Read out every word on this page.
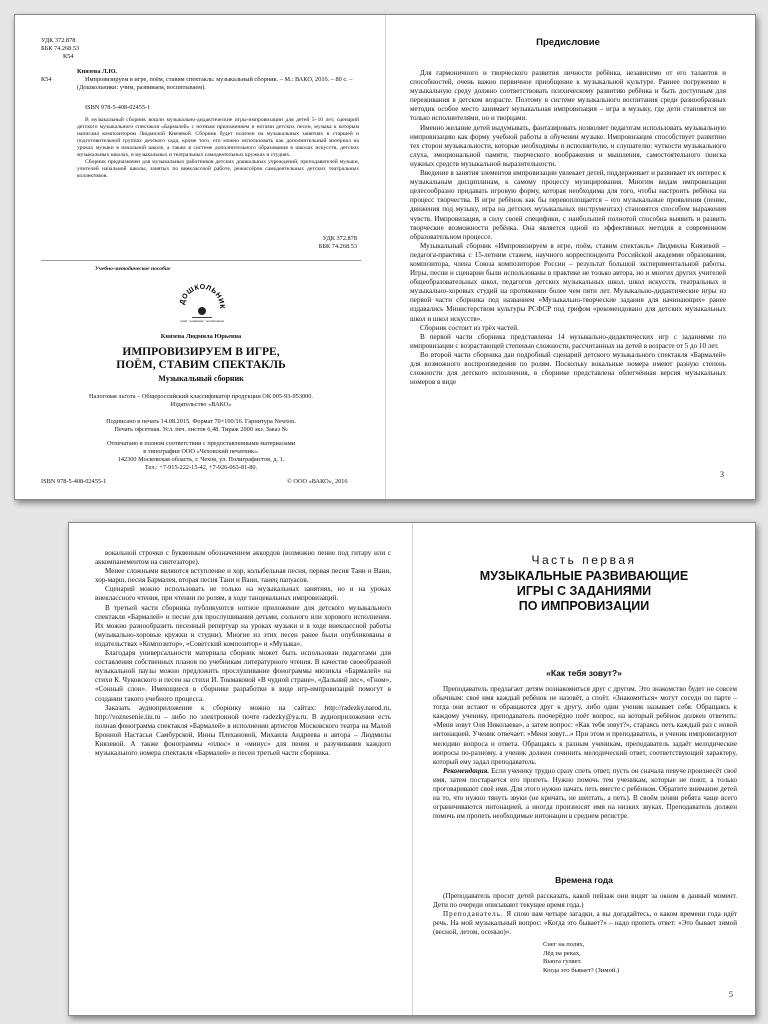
УДК 372.878
ББК 74.268.53
К54
Князева Л.Ю.
К54	Импровизируем в игре, поём, ставим спектакль: музыкальный сборник. – М.: ВАКО, 2016. – 80 с. – (Дошкольники: учим, развиваем, воспитываем).
ISBN 978-5-408-02455-1
В музыкальный сборник вошли музыкально-дидактические игры-импровизации для детей 5–10 лет, сценарий детского музыкального спектакля «Бармалей» с нотным приложением и нотами детских песен, музыка к которым написана композитором Людмилой Князевой. Сборник будет полезен на музыкальных занятиях в старшей и подготовительной группах детского сада, кроме того, его можно использовать как дополнительный материал на уроках музыки в начальной школе, а также в системе дополнительного образования в школах искусств, детских музыкальных школах, в музыкальных и театральных самодеятельных кружках и студиях.
Сборник предназначен для музыкальных работников детских дошкольных учреждений, преподавателей музыки, учителей начальной школы, занятых по внеклассной работе, режиссёров самодеятельных детских театральных коллективов.
УДК 372.878
ББК 74.268.53
Учебно-методическое пособие
ДОШКОЛЬНИК
учим · развиваем · воспитываем
Князева Людмила Юрьевна
ИМПРОВИЗИРУЕМ В ИГРЕ,
ПОЁМ, СТАВИМ СПЕКТАКЛЬ
Музыкальный сборник
Налоговая льгота – Общероссийский классификатор продукции ОК 005-93-953000.
Издательство «ВАКО»
Подписано в печать 14.08.2015. Формат 70×100/16. Гарнитура Newton.
Печать офсетная. Усл. печ. листов 6,48. Тираж 2000 экз. Заказ №
Отпечатано в полном соответствии с предоставленными материалами
в типографии ООО «Чеховский печатник».
142300 Московская область, г. Чехов, ул. Полиграфистов, д. 1.
Тел.: +7-915-222-15-42, +7-926-063-81-80.
ISBN 978-5-408-02455-1	© ООО «ВАКО», 2016
Предисловие

Для гармоничного и творческого развития личности ребёнка, независимо от его талантов и способностей, очень важно первичное приобщение к музыкальной культуре. Раннее погружение в музыкальную среду должно соответствовать психическому развитию ребёнка и быть доступным для переживания в детском возрасте. Поэтому в системе музыкального воспитания среди разнообразных методик особое место занимает музыкальная импровизация – игра в музыку, где дети становятся не только исполнителями, но и творцами.

Именно желание детей выдумывать, фантазировать позволяет педагогам использовать музыкальную импровизацию как форму учебной работы в обучении музыке. Импровизация способствует развитию тех сторон музыкальности, которые необходимы и исполнителю, и слушателю: чуткости музыкального слуха, эмоциональной памяти, творческого воображения и мышления, самостоятельного поиска нужных средств музыкальной выразительности.

Введение в занятия элементов импровизации увлекает детей, поддерживает и развивает их интерес к музыкальным дисциплинам, к самому процессу музицирования. Многим видам импровизации целесообразно придавать игровую форму, которая необходима для того, чтобы настроить ребёнка на процесс творчества. В игре ребёнок как бы перевоплощается – его музыкальные проявления (пение, движения под музыку, игра на детских музыкальных инструментах) становятся способом выражения чувств. Импровизация, в силу своей специфики, с наибольшей полнотой способна выявить и развить творческие возможности ребёнка. Она является одной из эффективных методик в современном образовательном процессе.

Музыкальный сборник «Импровизируем в игре, поём, ставим спектакль» Людмилы Князевой – педагога-практика с 15-летним стажем, научного корреспондента Российской академии образования, композитора, члена Союза композиторов России – результат большой экспериментальной работы. Игры, песни и сценарии были использованы в практике не только автора, но и многих других учителей общеобразовательных школ, педагогов детских музыкальных школ, школ искусств, театральных и музыкально-хоровых студий на протяжении более чем пяти лет. Музыкально-дидактические игры из первой части сборника под названием «Музыкально-творческие задания для начинающих» ранее издавались Министерством культуры РСФСР под грифом «рекомендовано для детских музыкальных школ и школ искусств».

Сборник состоит из трёх частей.

В первой части сборника представлены 14 музыкально-дидактических игр с заданиями по импровизации с возрастающей степенью сложности, рассчитанных на детей в возрасте от 5 до 10 лет.

Во второй части сборника дан подробный сценарий детского музыкального спектакля «Бармалей» для возможного воспроизведения по ролям. Поскольку вокальные номера имеют разную степень сложности для детского исполнения, в сборнике представлена облегчённая версия музыкальных номеров в виде

3

вокальной строчки с буквенным обозначением аккордов (возможно пение под гитару или с аккомпанементом на синтезаторе).

Менее сложными являются вступление и хор, колыбельная песня, первая песня Тани и Вани, хор-марш, песня Бармалея, вторая песня Тани и Вани, танец папуасов.

Сценарий можно использовать не только на музыкальных занятиях, но и на уроках внеклассного чтения, при чтении по ролям, в ходе танцевальных импровизаций.

В третьей части сборника публикуются нотное приложение для детского музыкального спектакля «Бармалей» и песни для прослушивания детьми, сольного или хорового исполнения. Их можно разнообразить песенный репертуар на уроках музыки и в ходе внеклассной работы (музыкально-хоровые кружки и студии). Многие из этих песен ранее были опубликованы в издательствах «Композитор», «Советский композитор» и «Музыка».

Благодаря универсальности материала сборник может быть использован педагогами для составления собственных планов по учебникам литературного чтения. В качестве своеобразной музыкальной паузы можно предложить прослушивание фонограммы мюзикла «Бармалей» на стихи К. Чуковского и песен на стихи И. Токмаковой «В чудной стране», «Дальний лес», «Гном», «Сонный слон». Имеющиеся в сборнике разработки в виде игр-импровизаций помогут в создании такого учебного процесса.

Заказать аудиоприложение к сборнику можно на сайтах: http://radezky.narod.ru, http://voznesenie.tiu.ru – либо по электронной почте radezky@ya.ru. В аудиоприложении есть полная фонограмма спектакля «Бармалей» в исполнении артистов Московского театра на Малой Бронной Настасьи Самбурской, Инны Плехановой, Михаила Андреева и автора – Людмилы Князевой. А также фонограммы «плюс» и «минус» для пения и разучивания каждого музыкального номера спектакля «Бармалей» и песен третьей части сборника.

Часть первая
МУЗЫКАЛЬНЫЕ РАЗВИВАЮЩИЕ
ИГРЫ С ЗАДАНИЯМИ
ПО ИМПРОВИЗАЦИИ
«Как тебя зовут?»

Преподаватель предлагает детям познакомиться друг с другом. Это знакомство будет не совсем обычным: своё имя каждый ребёнок не назовёт, а споёт. «Знакомиться» могут соседи по парте – тогда они встают и обращаются друг к другу, либо один ученик называет себя. Обращаясь к каждому ученику, преподаватель поочерёдно поёт вопрос, на который ребёнок должен ответить: «Меня зовут Оля Николаева», а затем вопрос: «Как тебя зовут?», стараясь петь каждый раз с новой интонацией. Ученик отвечает: «Меня зовут...» При этом и преподаватель, и ученик импровизируют мелодию вопроса и ответа. Обращаясь к разным ученикам, преподаватель задаёт мелодические вопросы по-разному, а ученик должен сочинить мелодический ответ, соответствующий характеру, который ему задал преподаватель.

Рекомендация. Если ученику трудно сразу спеть ответ, пусть он сначала певуче произнесёт своё имя, затем постарается его пропеть. Нужно помочь тем ученикам, которые не поют, а только проговаривают своё имя. Для этого нужно начать петь вместе с ребёнком. Обратите внимание детей на то, что нужно тянуть звуки (не кричать, не шептать, а петь). В своём пении ребята чаще всего ограничиваются интонацией, а иногда произносят имя на низких звуках. Преподаватель должен помочь им пропеть необходимые интонации в среднем регистре.

Времена года

(Преподаватель просит детей рассказать, какой пейзаж они видят за окном в данный момент. Дети по очереди описывают текущее время года.)

Преподаватель. Я спою вам четыре загадки, а вы догадайтесь, о каком времени года идёт речь. На мой музыкальный вопрос: «Когда это бывает?» – надо пропеть ответ: «Это бывает зимой (весной, летом, осенью)».

Снег на полях,
Лёд на реках,
Вьюга гуляет.
Когда это бывает? (Зимой.)
5
